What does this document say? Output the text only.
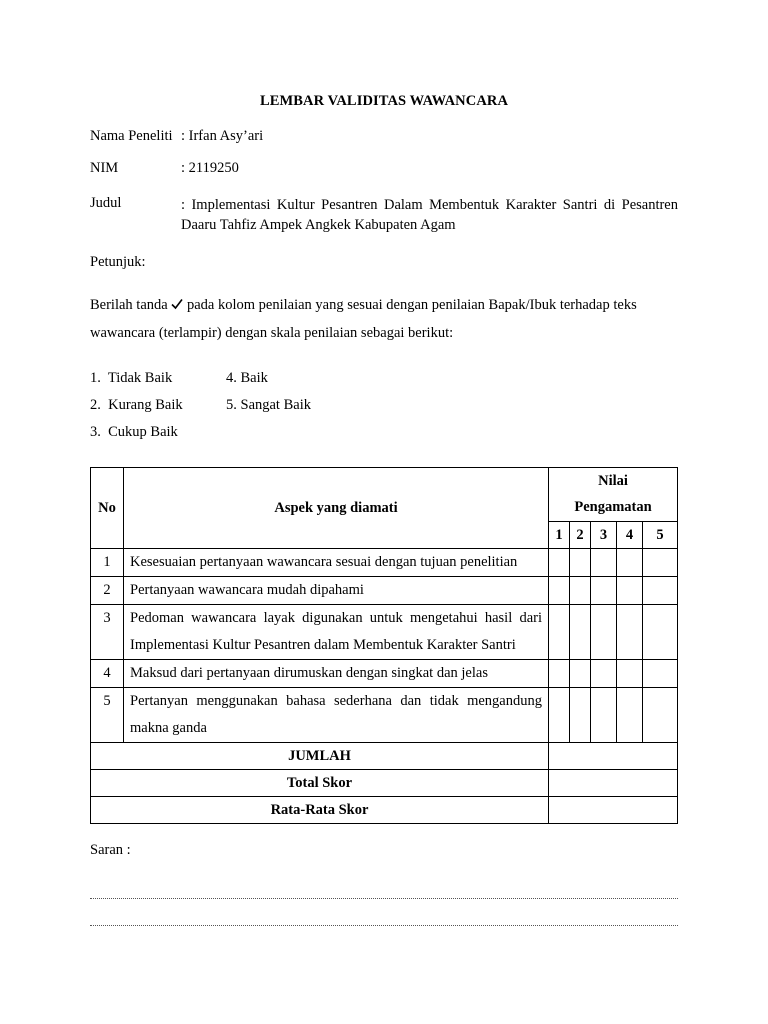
LEMBAR VALIDITAS WAWANCARA
Nama Peneliti : Irfan Asy’ari
NIM	: 2119250
Judul	: Implementasi Kultur Pesantren Dalam Membentuk Karakter Santri di Pesantren Daaru Tahfiz Ampek Angkek Kabupaten Agam
Petunjuk:
Berilah tanda pada kolom penilaian yang sesuai dengan penilaian Bapak/Ibuk terhadap teks
wawancara (terlampir) dengan skala penilaian sebagai berikut:
1. Tidak Baik
2. Kurang Baik
3. Cukup Baik
4. Baik
5. Sangat Baik
No	Aspek yang diamati	Nilai				
		Pengamatan				
		1	2	3	4	5
1	Kesesuaian pertanyaan wawancara sesuai dengan tujuan penelitian					
2	Pertanyaan wawancara mudah dipahami					
3	Pedoman wawancara layak digunakan untuk mengetahui hasil dari Implementasi Kultur Pesantren dalam Membentuk Karakter Santri					
4	Maksud dari pertanyaan dirumuskan dengan singkat dan jelas					
5	Pertanyan menggunakan bahasa sederhana dan tidak mengandung makna ganda					
JUMLAH						
Total Skor						
Rata-Rata Skor						
Saran :
